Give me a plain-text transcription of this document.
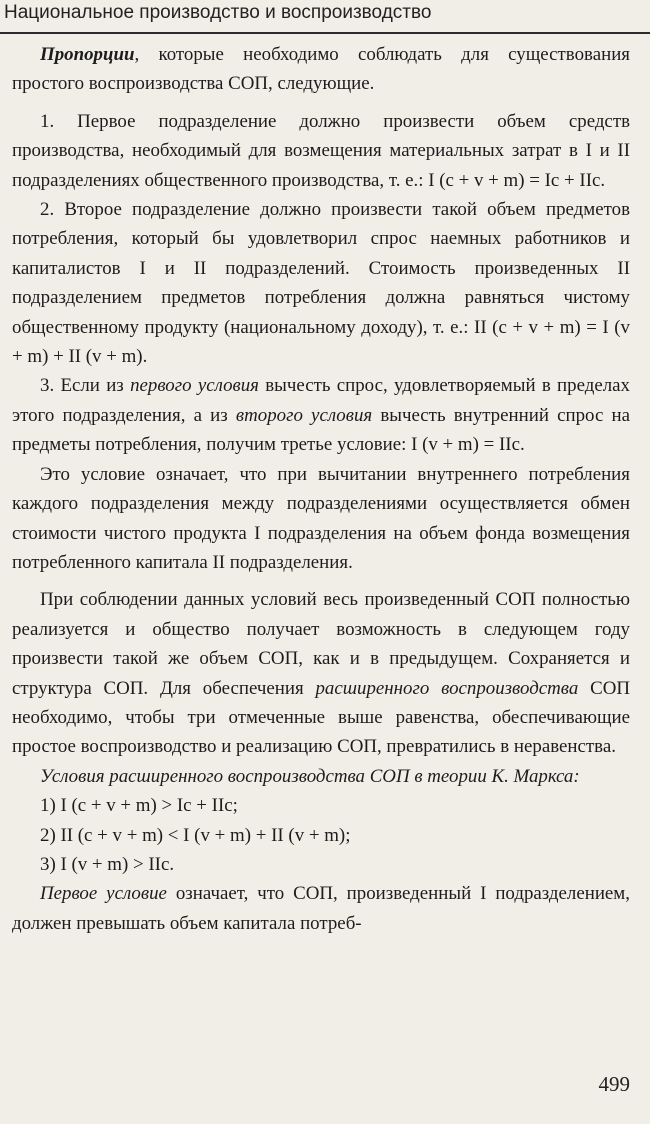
Национальное производство и воспроизводство

Пропорции, которые необходимо соблюдать для существования простого воспроизводства СОП, следующие.

1. Первое подразделение должно произвести объем средств производства, необходимый для возмещения материальных затрат в I и II подразделениях общественного производства, т. е.: I (c + v + m) = Ic + IIc.

2. Второе подразделение должно произвести такой объем предметов потребления, который бы удовлетворил спрос наемных работников и капиталистов I и II подразделений. Стоимость произведенных II подразделением предметов потребления должна равняться чистому общественному продукту (национальному доходу), т. е.: II (c + v + m) = I (v + m) + II (v + m).

3. Если из первого условия вычесть спрос, удовлетворяемый в пределах этого подразделения, а из второго условия вычесть внутренний спрос на предметы потребления, получим третье условие: I (v + m) = IIc.

Это условие означает, что при вычитании внутреннего потребления каждого подразделения между подразделениями осуществляется обмен стоимости чистого продукта I подразделения на объем фонда возмещения потребленного капитала II подразделения.

При соблюдении данных условий весь произведенный СОП полностью реализуется и общество получает возможность в следующем году произвести такой же объем СОП, как и в предыдущем. Сохраняется и структура СОП. Для обеспечения расширенного воспроизводства СОП необходимо, чтобы три отмеченные выше равенства, обеспечивающие простое воспроизводство и реализацию СОП, превратились в неравенства.

Условия расширенного воспроизводства СОП в теории К. Маркса:

1) I (c + v + m) > Ic + IIc;

2) II (c + v + m) < I (v + m) + II (v + m);

3) I (v + m) > IIc.

Первое условие означает, что СОП, произведенный I подразделением, должен превышать объем капитала потреб-

499
